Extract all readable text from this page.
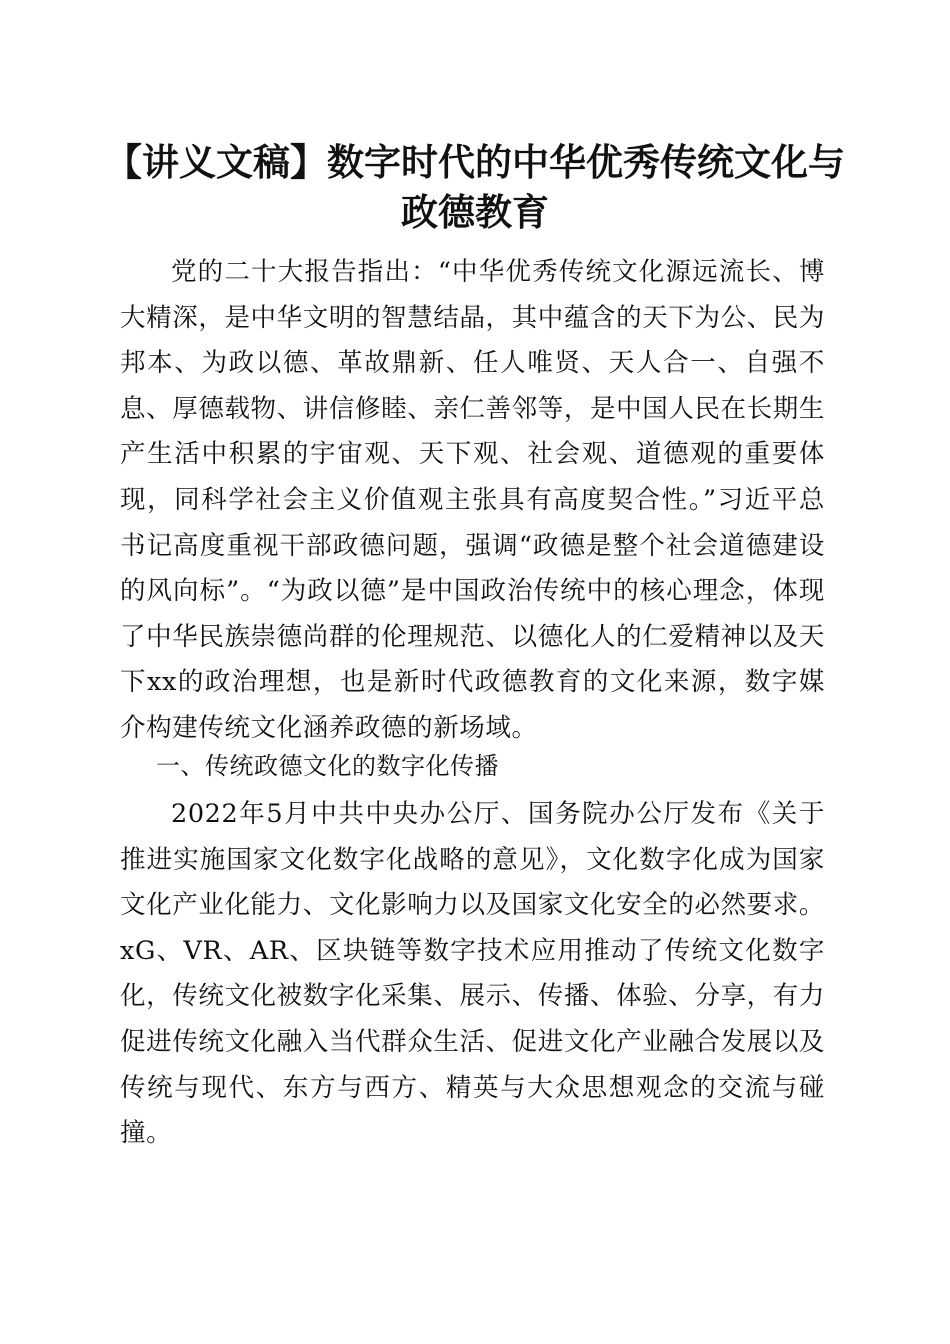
【讲义文稿】数字时代的中华优秀传统文化与
政德教育

党的二十大报告指出：“中华优秀传统文化源远流长、博大精深，是中华文明的智慧结晶，其中蕴含的天下为公、民为邦本、为政以德、革故鼎新、任人唯贤、天人合一、自强不息、厚德载物、讲信修睦、亲仁善邻等，是中国人民在长期生产生活中积累的宇宙观、天下观、社会观、道德观的重要体现，同科学社会主义价值观主张具有高度契合性。”习近平总书记高度重视干部政德问题，强调“政德是整个社会道德建设的风向标”。“为政以德”是中国政治传统中的核心理念，体现了中华民族崇德尚群的伦理规范、以德化人的仁爱精神以及天下xx的政治理想，也是新时代政德教育的文化来源，数字媒介构建传统文化涵养政德的新场域。

一、传统政德文化的数字化传播

2022年5月中共中央办公厅、国务院办公厅发布《关于推进实施国家文化数字化战略的意见》，文化数字化成为国家文化产业化能力、文化影响力以及国家文化安全的必然要求。xG、VR、AR、区块链等数字技术应用推动了传统文化数字化，传统文化被数字化采集、展示、传播、体验、分享，有力促进传统文化融入当代群众生活、促进文化产业融合发展以及传统与现代、东方与西方、精英与大众思想观念的交流与碰撞。
